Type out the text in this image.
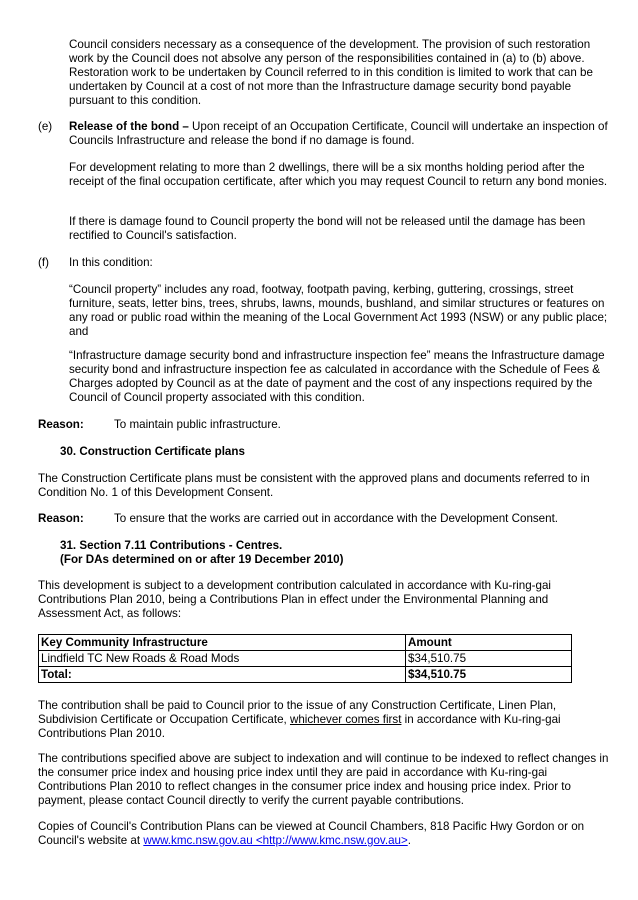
Council considers necessary as a consequence of the development. The provision of such restoration work by the Council does not absolve any person of the responsibilities contained in (a) to (b) above. Restoration work to be undertaken by Council referred to in this condition is limited to work that can be undertaken by Council at a cost of not more than the Infrastructure damage security bond payable pursuant to this condition.

(e) Release of the bond – Upon receipt of an Occupation Certificate, Council will undertake an inspection of Councils Infrastructure and release the bond if no damage is found.

For development relating to more than 2 dwellings, there will be a six months holding period after the receipt of the final occupation certificate, after which you may request Council to return any bond monies.

If there is damage found to Council property the bond will not be released until the damage has been rectified to Council's satisfaction.

(f) In this condition:

“Council property” includes any road, footway, footpath paving, kerbing, guttering, crossings, street furniture, seats, letter bins, trees, shrubs, lawns, mounds, bushland, and similar structures or features on any road or public road within the meaning of the Local Government Act 1993 (NSW) or any public place; and

“Infrastructure damage security bond and infrastructure inspection fee” means the Infrastructure damage security bond and infrastructure inspection fee as calculated in accordance with the Schedule of Fees & Charges adopted by Council as at the date of payment and the cost of any inspections required by the Council of Council property associated with this condition.

Reason:	To maintain public infrastructure.
30. Construction Certificate plans

The Construction Certificate plans must be consistent with the approved plans and documents referred to in Condition No. 1 of this Development Consent.

Reason:	To ensure that the works are carried out in accordance with the Development Consent.
31. Section 7.11 Contributions - Centres.
(For DAs determined on or after 19 December 2010)

This development is subject to a development contribution calculated in accordance with Ku-ring-gai Contributions Plan 2010, being a Contributions Plan in effect under the Environmental Planning and Assessment Act, as follows:

Key Community Infrastructure	Amount
Lindfield TC New Roads & Road Mods	$34,510.75
Total:	$34,510.75

The contribution shall be paid to Council prior to the issue of any Construction Certificate, Linen Plan, Subdivision Certificate or Occupation Certificate, whichever comes first in accordance with Ku-ring-gai Contributions Plan 2010.

The contributions specified above are subject to indexation and will continue to be indexed to reflect changes in the consumer price index and housing price index until they are paid in accordance with Ku-ring-gai Contributions Plan 2010 to reflect changes in the consumer price index and housing price index. Prior to payment, please contact Council directly to verify the current payable contributions.

Copies of Council's Contribution Plans can be viewed at Council Chambers, 818 Pacific Hwy Gordon or on Council's website at www.kmc.nsw.gov.au <http://www.kmc.nsw.gov.au>.
